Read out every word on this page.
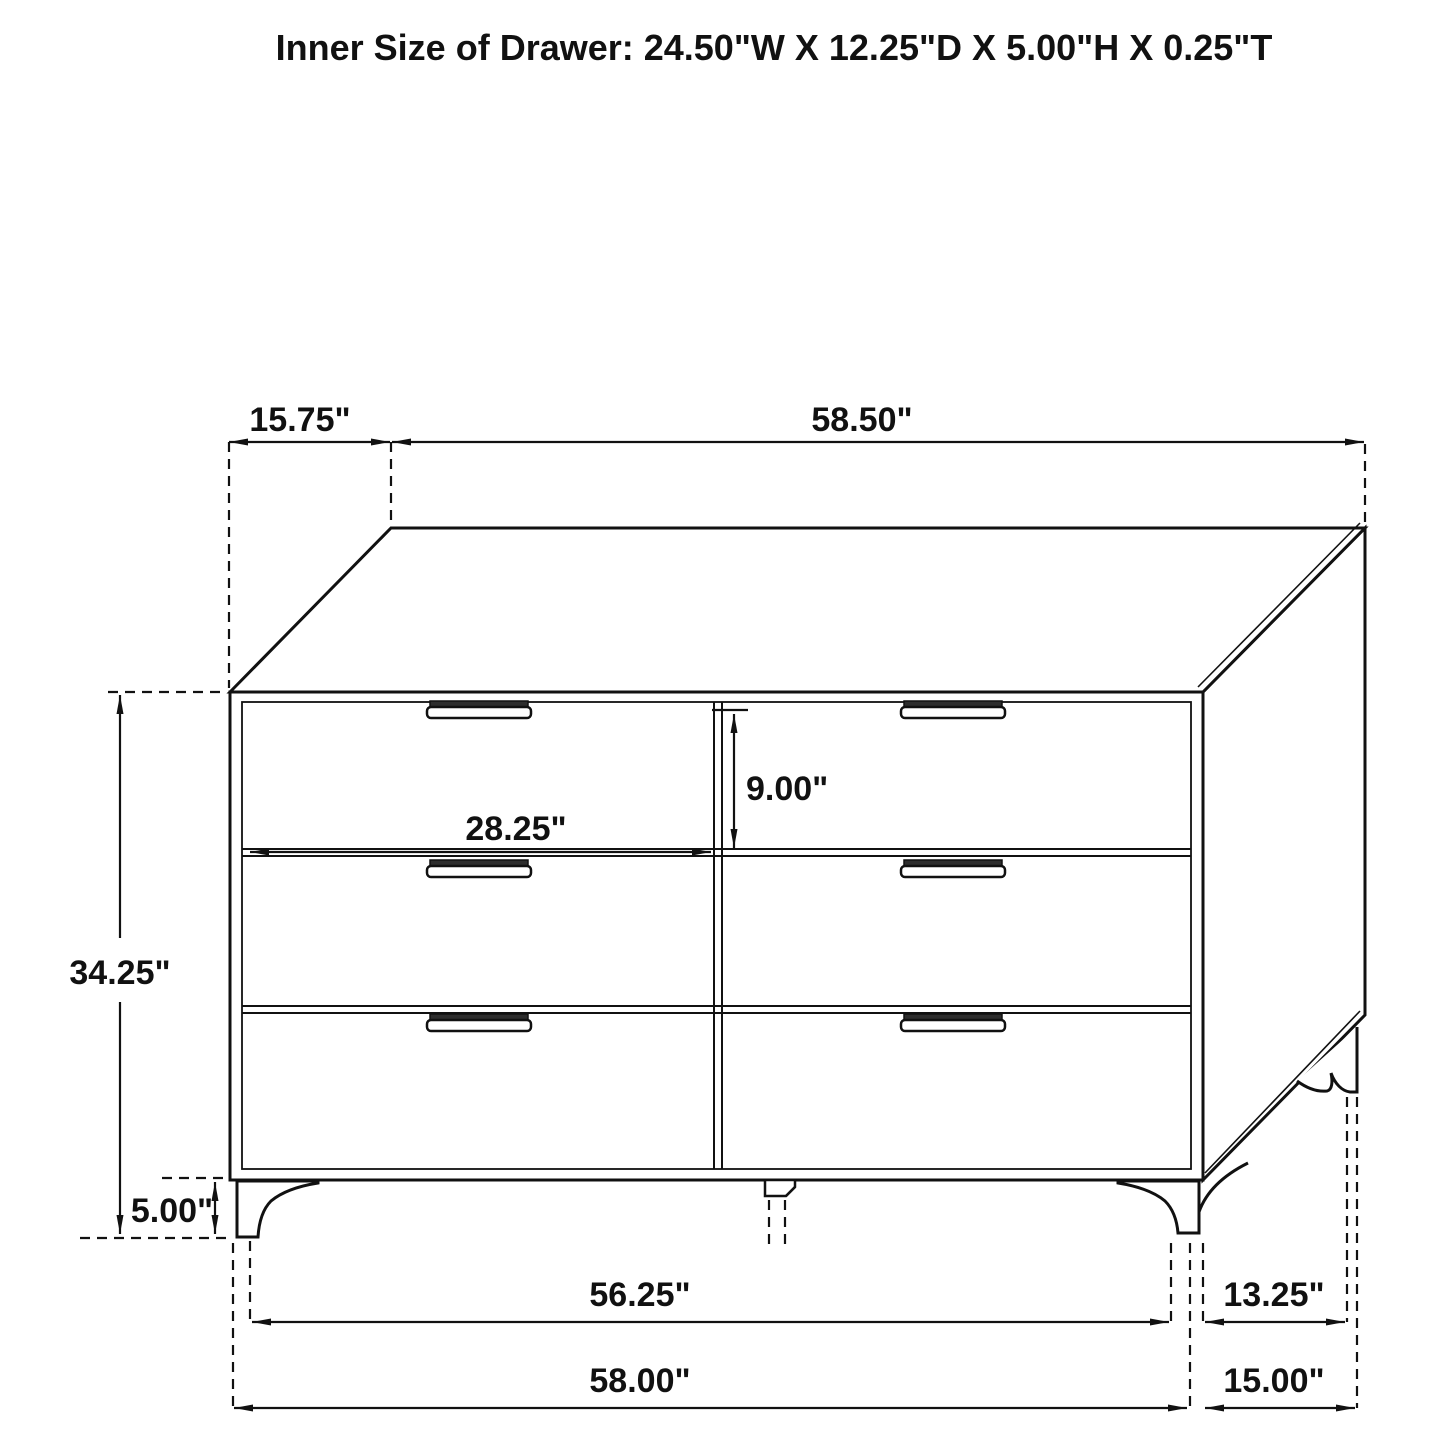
Inner Size of Drawer: 24.50"W X 12.25"D X 5.00"H X 0.25"T
15.75"	58.50"
34.25"
5.00"
28.25"
9.00"
56.25"
58.00"
13.25"
15.00"
